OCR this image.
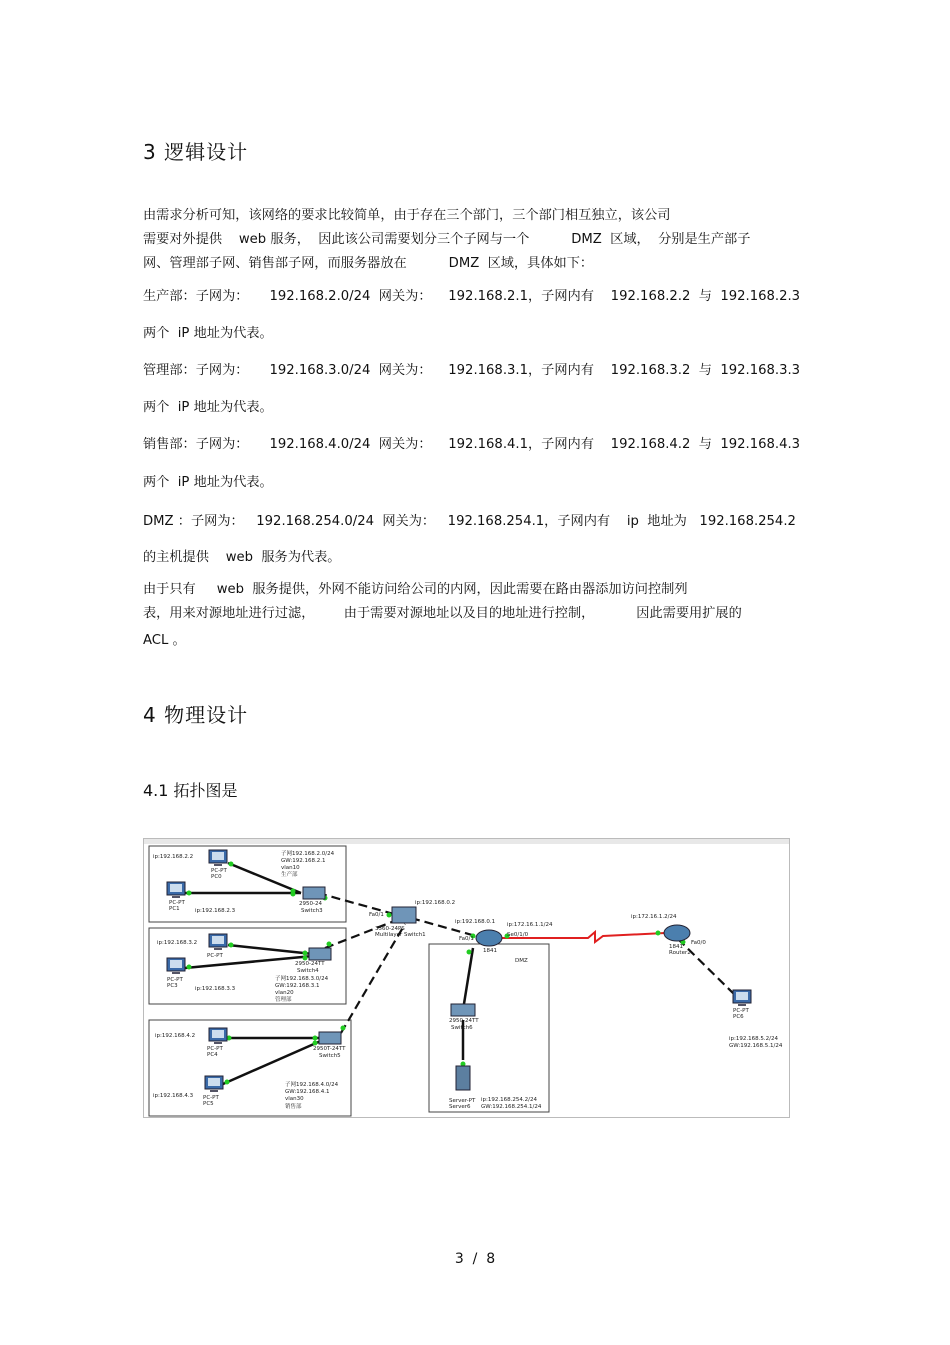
3 逻辑设计
由需求分析可知，该网络的要求比较简单，由于存在三个部门，三个部门相互独立，该公司
需要对外提供    web 服务，  因此该公司需要划分三个子网与一个          DMZ  区域，  分别是生产部子
网、管理部子网、销售部子网，而服务器放在          DMZ  区域，具体如下：
生产部：子网为：     192.168.2.0/24  网关为：    192.168.2.1，子网内有    192.168.2.2  与  192.168.2.3
两个  iP 地址为代表。
管理部：子网为：     192.168.3.0/24  网关为：    192.168.3.1，子网内有    192.168.3.2  与  192.168.3.3
两个  iP 地址为代表。
销售部：子网为：     192.168.4.0/24  网关为：    192.168.4.1，子网内有    192.168.4.2  与  192.168.4.3
两个  iP 地址为代表。
DMZ ：子网为：   192.168.254.0/24  网关为：   192.168.254.1，子网内有    ip  地址为   192.168.254.2
的主机提供    web  服务为代表。
由于只有     web  服务提供，外网不能访问给公司的内网，因此需要在路由器添加访问控制列
表，用来对源地址进行过滤，       由于需要对源地址以及目的地址进行控制，          因此需要用扩展的
ACL 。
4 物理设计
4.1 拓扑图是
ip:192.168.2.2
PC-PT PC0
PC-PT PC1	ip:192.168.2.3
子网192.168.2.0/24
GW:192.168.2.1
vlan10
生产部
2950-24
Switch3
ip:192.168.3.2
PC-PT
PC-PT PC3	ip:192.168.3.3
2950-24TT
Switch4
子网192.168.3.0/24
GW:192.168.3.1
vlan20
管理部
ip:192.168.4.2
PC-PT PC4
ip:192.168.4.3 PC-PT PC5
2950T-24TT
Switch5
子网192.168.4.0/24
GW:192.168.4.1
vlan30
销售部
ip:192.168.0.2
3560-24PS Multilayer Switch1
Fa0/1
ip:192.168.0.1 ip:172.16.1.1/24
1841
Fa0/1
Se0/1/0
DMZ
2950-24TT
Switch6
Server-PT Server6
ip:192.168.254.2/24
GW:192.168.254.1/24
ip:172.16.1.2/24
1841 Router2
Fa0/0
PC-PT PC6
ip:192.168.5.2/24
GW:192.168.5.1/24
3  /  8
